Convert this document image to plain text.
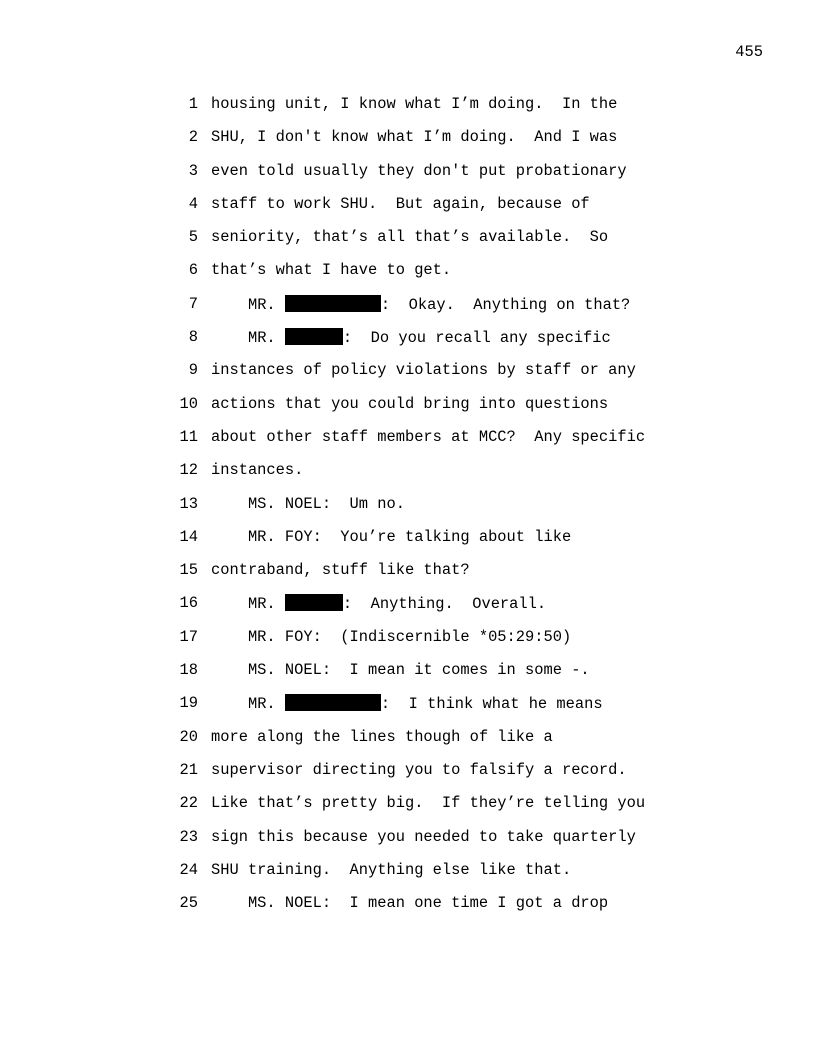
455
1 housing unit, I know what I’m doing.  In the
2 SHU, I don't know what I’m doing.  And I was
3 even told usually they don't put probationary
4 staff to work SHU.  But again, because of
5 seniority, that’s all that’s available.  So
6 that’s what I have to get.
7	MR.	:  Okay.  Anything on that?
8	MR.	:  Do you recall any specific
9 instances of policy violations by staff or any
10 actions that you could bring into questions
11 about other staff members at MCC?  Any specific
12 instances.
13 MS. NOEL:  Um no.
14 MR. FOY:  You’re talking about like
15 contraband, stuff like that?
16	MR.	:  Anything.  Overall.
17 MR. FOY:  (Indiscernible *05:29:50)
18 MS. NOEL:  I mean it comes in some -.
19	MR.	:  I think what he means
20 more along the lines though of like a
21 supervisor directing you to falsify a record.
22 Like that’s pretty big.  If they’re telling you
23 sign this because you needed to take quarterly
24 SHU training.  Anything else like that.
25 MS. NOEL:  I mean one time I got a drop
